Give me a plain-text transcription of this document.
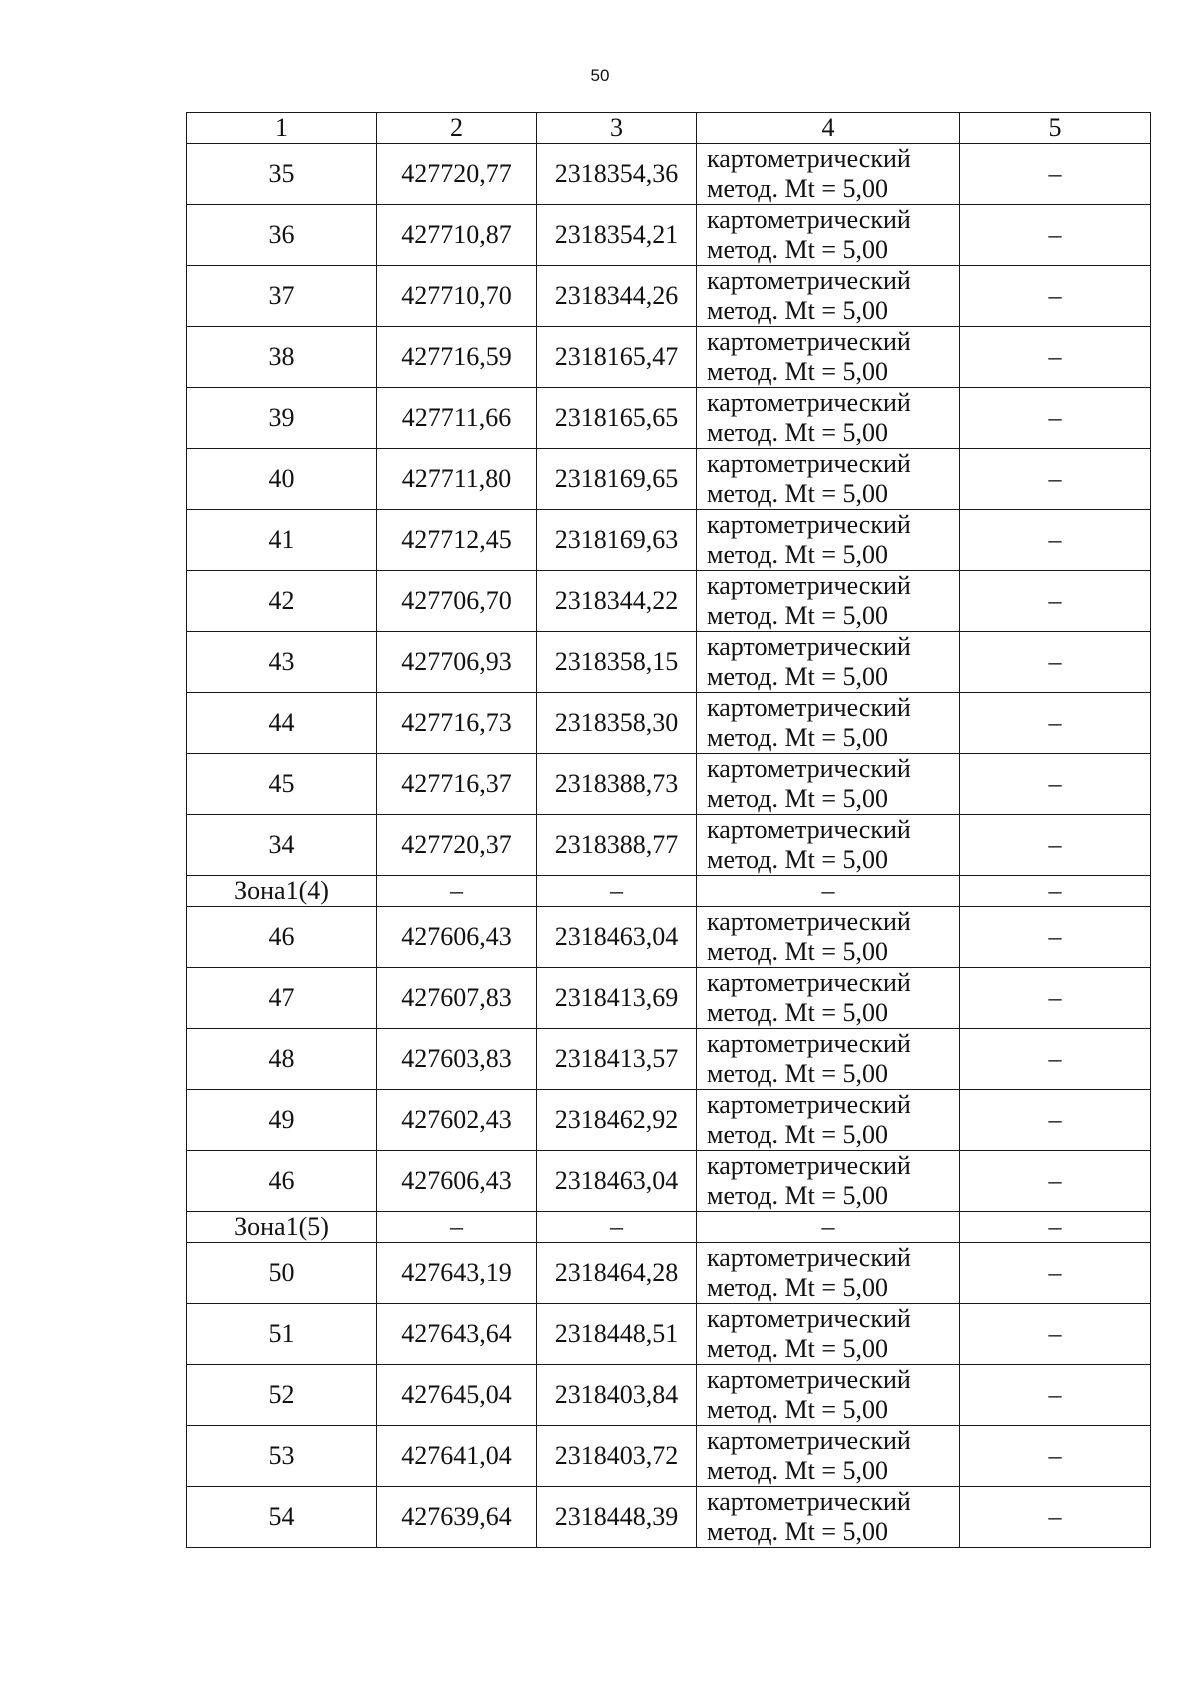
50
1	2	3	4	5
35	427720,77	2318354,36	картометрический
метод. Mt = 5,00	–
36	427710,87	2318354,21	картометрический
метод. Mt = 5,00	–
37	427710,70	2318344,26	картометрический
метод. Mt = 5,00	–
38	427716,59	2318165,47	картометрический
метод. Mt = 5,00	–
39	427711,66	2318165,65	картометрический
метод. Mt = 5,00	–
40	427711,80	2318169,65	картометрический
метод. Mt = 5,00	–
41	427712,45	2318169,63	картометрический
метод. Mt = 5,00	–
42	427706,70	2318344,22	картометрический
метод. Mt = 5,00	–
43	427706,93	2318358,15	картометрический
метод. Mt = 5,00	–
44	427716,73	2318358,30	картометрический
метод. Mt = 5,00	–
45	427716,37	2318388,73	картометрический
метод. Mt = 5,00	–
34	427720,37	2318388,77	картометрический
метод. Mt = 5,00	–
Зона1(4)	–	–	–	–
46	427606,43	2318463,04	картометрический
метод. Mt = 5,00	–
47	427607,83	2318413,69	картометрический
метод. Mt = 5,00	–
48	427603,83	2318413,57	картометрический
метод. Mt = 5,00	–
49	427602,43	2318462,92	картометрический
метод. Mt = 5,00	–
46	427606,43	2318463,04	картометрический
метод. Mt = 5,00	–
Зона1(5)	–	–	–	–
50	427643,19	2318464,28	картометрический
метод. Mt = 5,00	–
51	427643,64	2318448,51	картометрический
метод. Mt = 5,00	–
52	427645,04	2318403,84	картометрический
метод. Mt = 5,00	–
53	427641,04	2318403,72	картометрический
метод. Mt = 5,00	–
54	427639,64	2318448,39	картометрический
метод. Mt = 5,00	–
